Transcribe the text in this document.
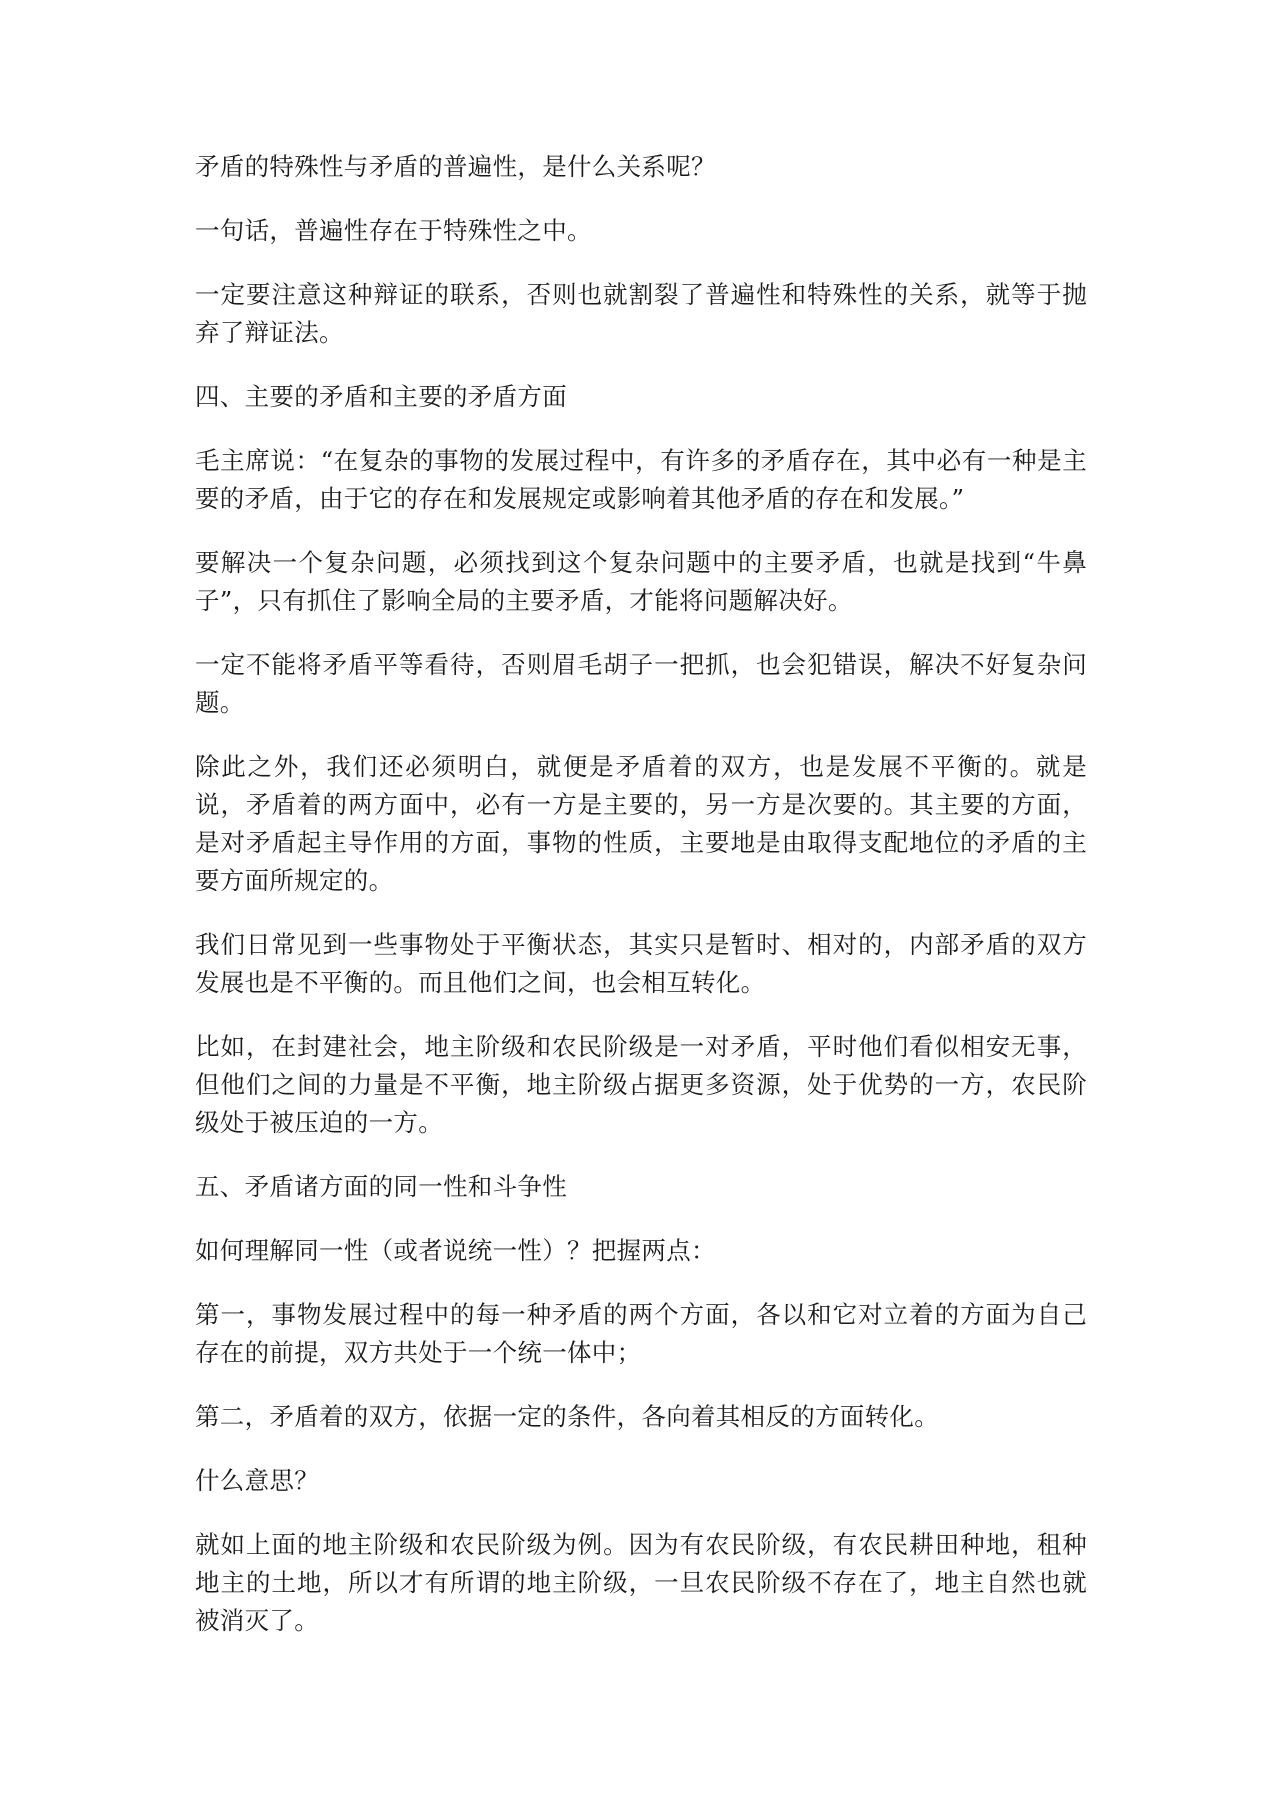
矛盾的特殊性与矛盾的普遍性，是什么关系呢？

一句话，普遍性存在于特殊性之中。

一定要注意这种辩证的联系，否则也就割裂了普遍性和特殊性的关系，就等于抛弃了辩证法。

四、主要的矛盾和主要的矛盾方面

毛主席说：“在复杂的事物的发展过程中，有许多的矛盾存在，其中必有一种是主要的矛盾，由于它的存在和发展规定或影响着其他矛盾的存在和发展。”

要解决一个复杂问题，必须找到这个复杂问题中的主要矛盾，也就是找到“牛鼻子”，只有抓住了影响全局的主要矛盾，才能将问题解决好。

一定不能将矛盾平等看待，否则眉毛胡子一把抓，也会犯错误，解决不好复杂问题。

除此之外，我们还必须明白，就便是矛盾着的双方，也是发展不平衡的。就是说，矛盾着的两方面中，必有一方是主要的，另一方是次要的。其主要的方面，是对矛盾起主导作用的方面，事物的性质，主要地是由取得支配地位的矛盾的主要方面所规定的。

我们日常见到一些事物处于平衡状态，其实只是暂时、相对的，内部矛盾的双方发展也是不平衡的。而且他们之间，也会相互转化。

比如，在封建社会，地主阶级和农民阶级是一对矛盾，平时他们看似相安无事，但他们之间的力量是不平衡，地主阶级占据更多资源，处于优势的一方，农民阶级处于被压迫的一方。

五、矛盾诸方面的同一性和斗争性

如何理解同一性（或者说统一性）？把握两点：

第一，事物发展过程中的每一种矛盾的两个方面，各以和它对立着的方面为自己存在的前提，双方共处于一个统一体中；

第二，矛盾着的双方，依据一定的条件，各向着其相反的方面转化。

什么意思？

就如上面的地主阶级和农民阶级为例。因为有农民阶级，有农民耕田种地，租种地主的土地，所以才有所谓的地主阶级，一旦农民阶级不存在了，地主自然也就被消灭了。
